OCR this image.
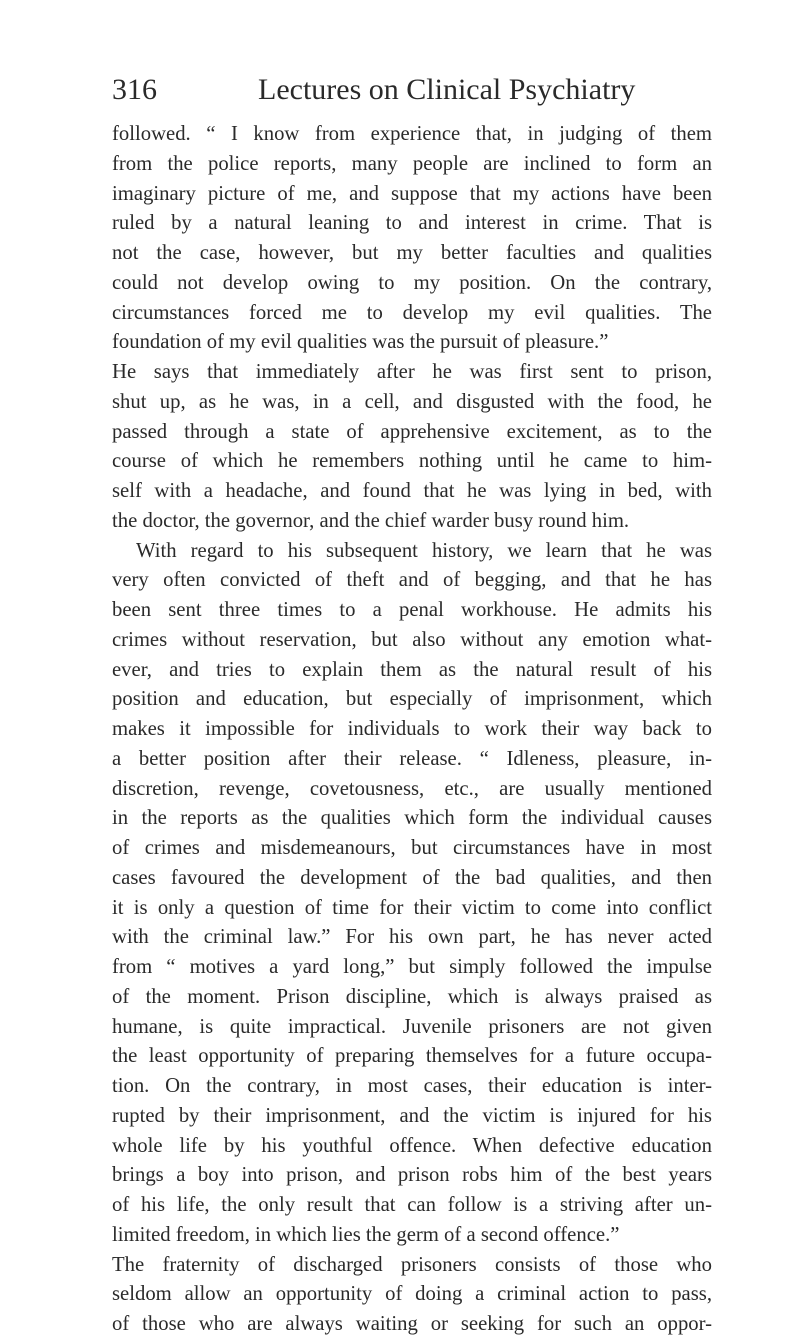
316	Lectures on Clinical Psychiatry
followed. “ I know from experience that, in judging of them
from the police reports, many people are inclined to form an
imaginary picture of me, and suppose that my actions have been
ruled by a natural leaning to and interest in crime. That is
not the case, however, but my better faculties and qualities
could not develop owing to my position. On the contrary,
circumstances forced me to develop my evil qualities. The
foundation of my evil qualities was the pursuit of pleasure.”
He says that immediately after he was first sent to prison,
shut up, as he was, in a cell, and disgusted with the food, he
passed through a state of apprehensive excitement, as to the
course of which he remembers nothing until he came to him-
self with a headache, and found that he was lying in bed, with
the doctor, the governor, and the chief warder busy round him.
With regard to his subsequent history, we learn that he was
very often convicted of theft and of begging, and that he has
been sent three times to a penal workhouse. He admits his
crimes without reservation, but also without any emotion what-
ever, and tries to explain them as the natural result of his
position and education, but especially of imprisonment, which
makes it impossible for individuals to work their way back to
a better position after their release. “ Idleness, pleasure, in-
discretion, revenge, covetousness, etc., are usually mentioned
in the reports as the qualities which form the individual causes
of crimes and misdemeanours, but circumstances have in most
cases favoured the development of the bad qualities, and then
it is only a question of time for their victim to come into conflict
with the criminal law.” For his own part, he has never acted
from “ motives a yard long,” but simply followed the impulse
of the moment. Prison discipline, which is always praised as
humane, is quite impractical. Juvenile prisoners are not given
the least opportunity of preparing themselves for a future occupa-
tion. On the contrary, in most cases, their education is inter-
rupted by their imprisonment, and the victim is injured for his
whole life by his youthful offence. When defective education
brings a boy into prison, and prison robs him of the best years
of his life, the only result that can follow is a striving after un-
limited freedom, in which lies the germ of a second offence.”
The fraternity of discharged prisoners consists of those who
seldom allow an opportunity of doing a criminal action to pass,
of those who are always waiting or seeking for such an oppor-
